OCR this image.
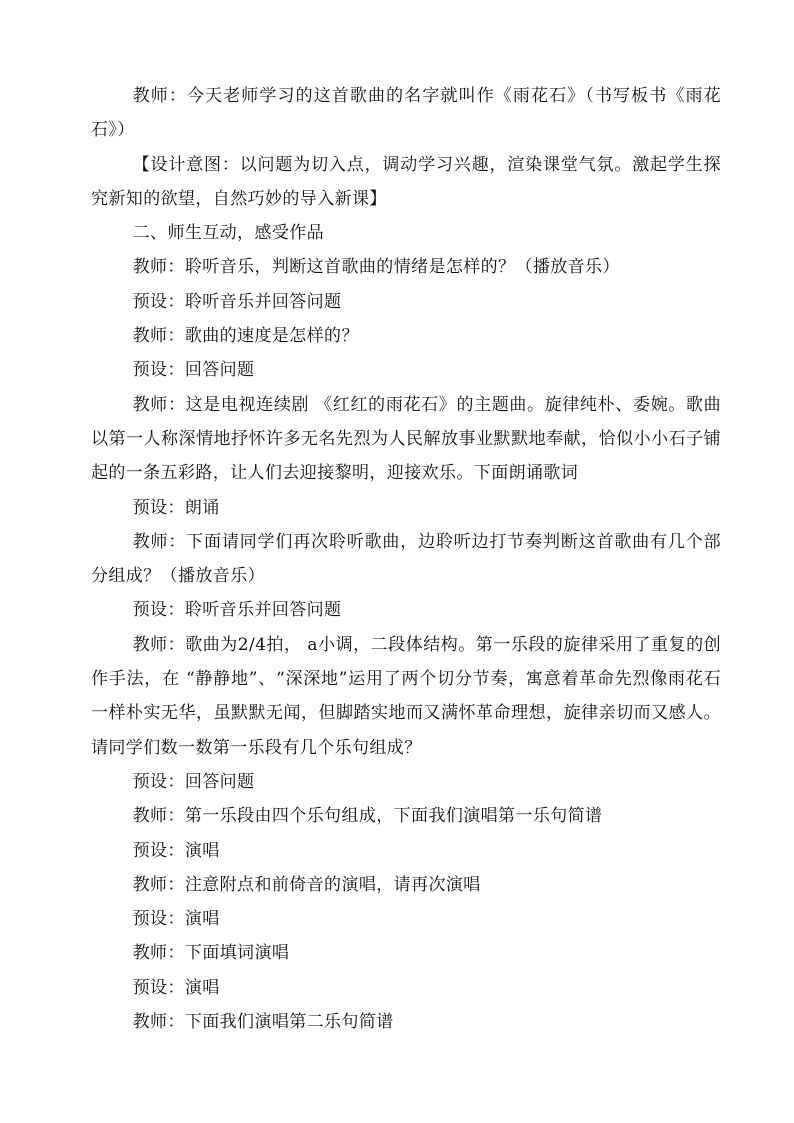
教师：今天老师学习的这首歌曲的名字就叫作《雨花石》（书写板书《雨花石》）

【设计意图：以问题为切入点，调动学习兴趣，渲染课堂气氛。激起学生探究新知的欲望，自然巧妙的导入新课】

二、师生互动，感受作品

教师：聆听音乐，判断这首歌曲的情绪是怎样的？（播放音乐）

预设：聆听音乐并回答问题

教师：歌曲的速度是怎样的？

预设：回答问题

教师：这是电视连续剧 《红红的雨花石》的主题曲。旋律纯朴、委婉。歌曲以第一人称深情地抒怀许多无名先烈为人民解放事业默默地奉献，恰似小小石子铺起的一条五彩路，让人们去迎接黎明，迎接欢乐。下面朗诵歌词

预设：朗诵

教师：下面请同学们再次聆听歌曲，边聆听边打节奏判断这首歌曲有几个部分组成？（播放音乐）

预设：聆听音乐并回答问题

教师：歌曲为2/4拍， a小调，二段体结构。第一乐段的旋律采用了重复的创作手法，在 “静静地”、“深深地”运用了两个切分节奏，寓意着革命先烈像雨花石一样朴实无华，虽默默无闻，但脚踏实地而又满怀革命理想，旋律亲切而又感人。请同学们数一数第一乐段有几个乐句组成？

预设：回答问题

教师：第一乐段由四个乐句组成，下面我们演唱第一乐句简谱

预设：演唱

教师：注意附点和前倚音的演唱，请再次演唱

预设：演唱

教师：下面填词演唱

预设：演唱

教师：下面我们演唱第二乐句简谱
